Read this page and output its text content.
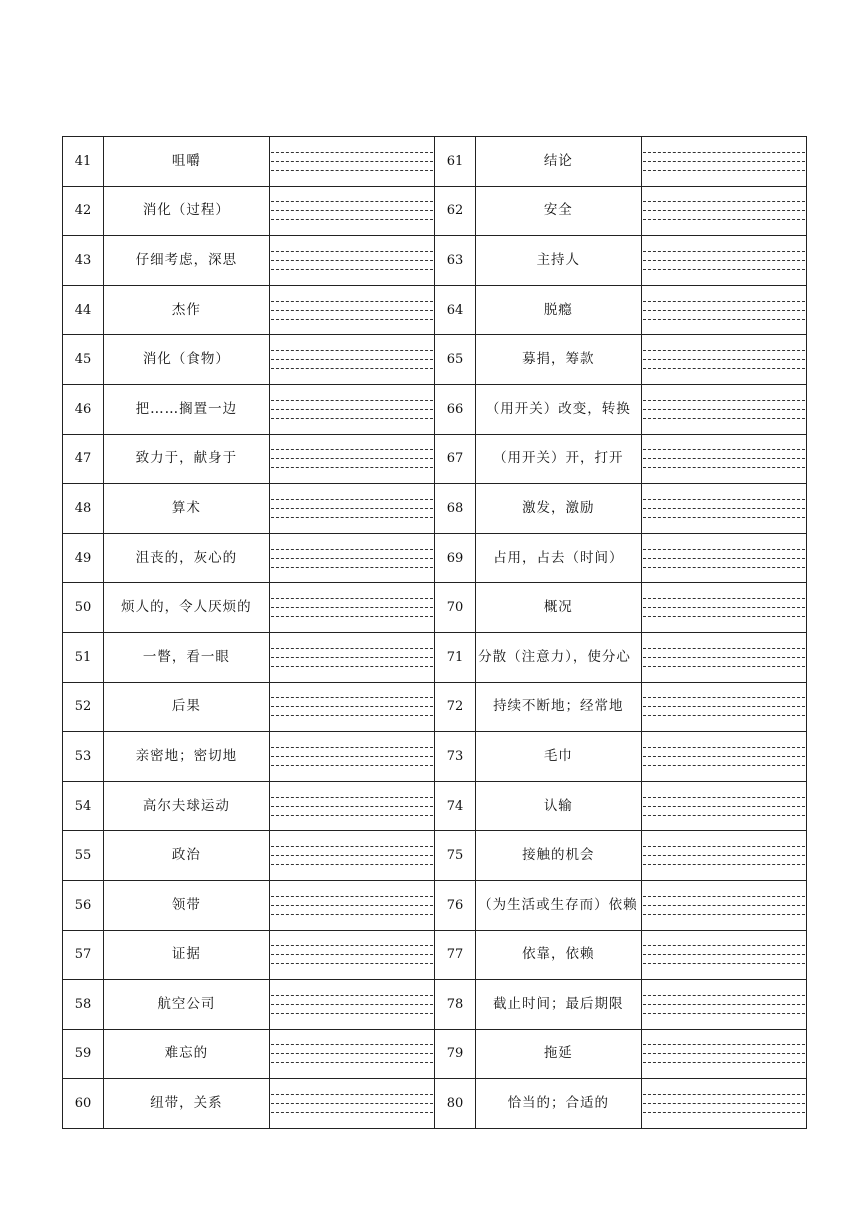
41	咀嚼		61	结论	

42	消化（过程）		62	安全	

43	仔细考虑，深思		63	主持人	

44	杰作		64	脱瘾	

45	消化（食物）		65	募捐，筹款	

46	把……搁置一边		66	（用开关）改变，转换	

47	致力于，献身于		67	（用开关）开，打开	

48	算术		68	激发，激励	

49	沮丧的，灰心的		69	占用，占去（时间）	

50	烦人的，令人厌烦的		70	概况	

51	一瞥，看一眼		71	分散（注意力），使分心	

52	后果		72	持续不断地；经常地	

53	亲密地；密切地		73	毛巾	

54	高尔夫球运动		74	认输	

55	政治		75	接触的机会	

56	领带		76	（为生活或生存而）依赖	

57	证据		77	依靠，依赖	

58	航空公司		78	截止时间；最后期限	

59	难忘的		79	拖延	

60	纽带，关系		80	恰当的；合适的	
